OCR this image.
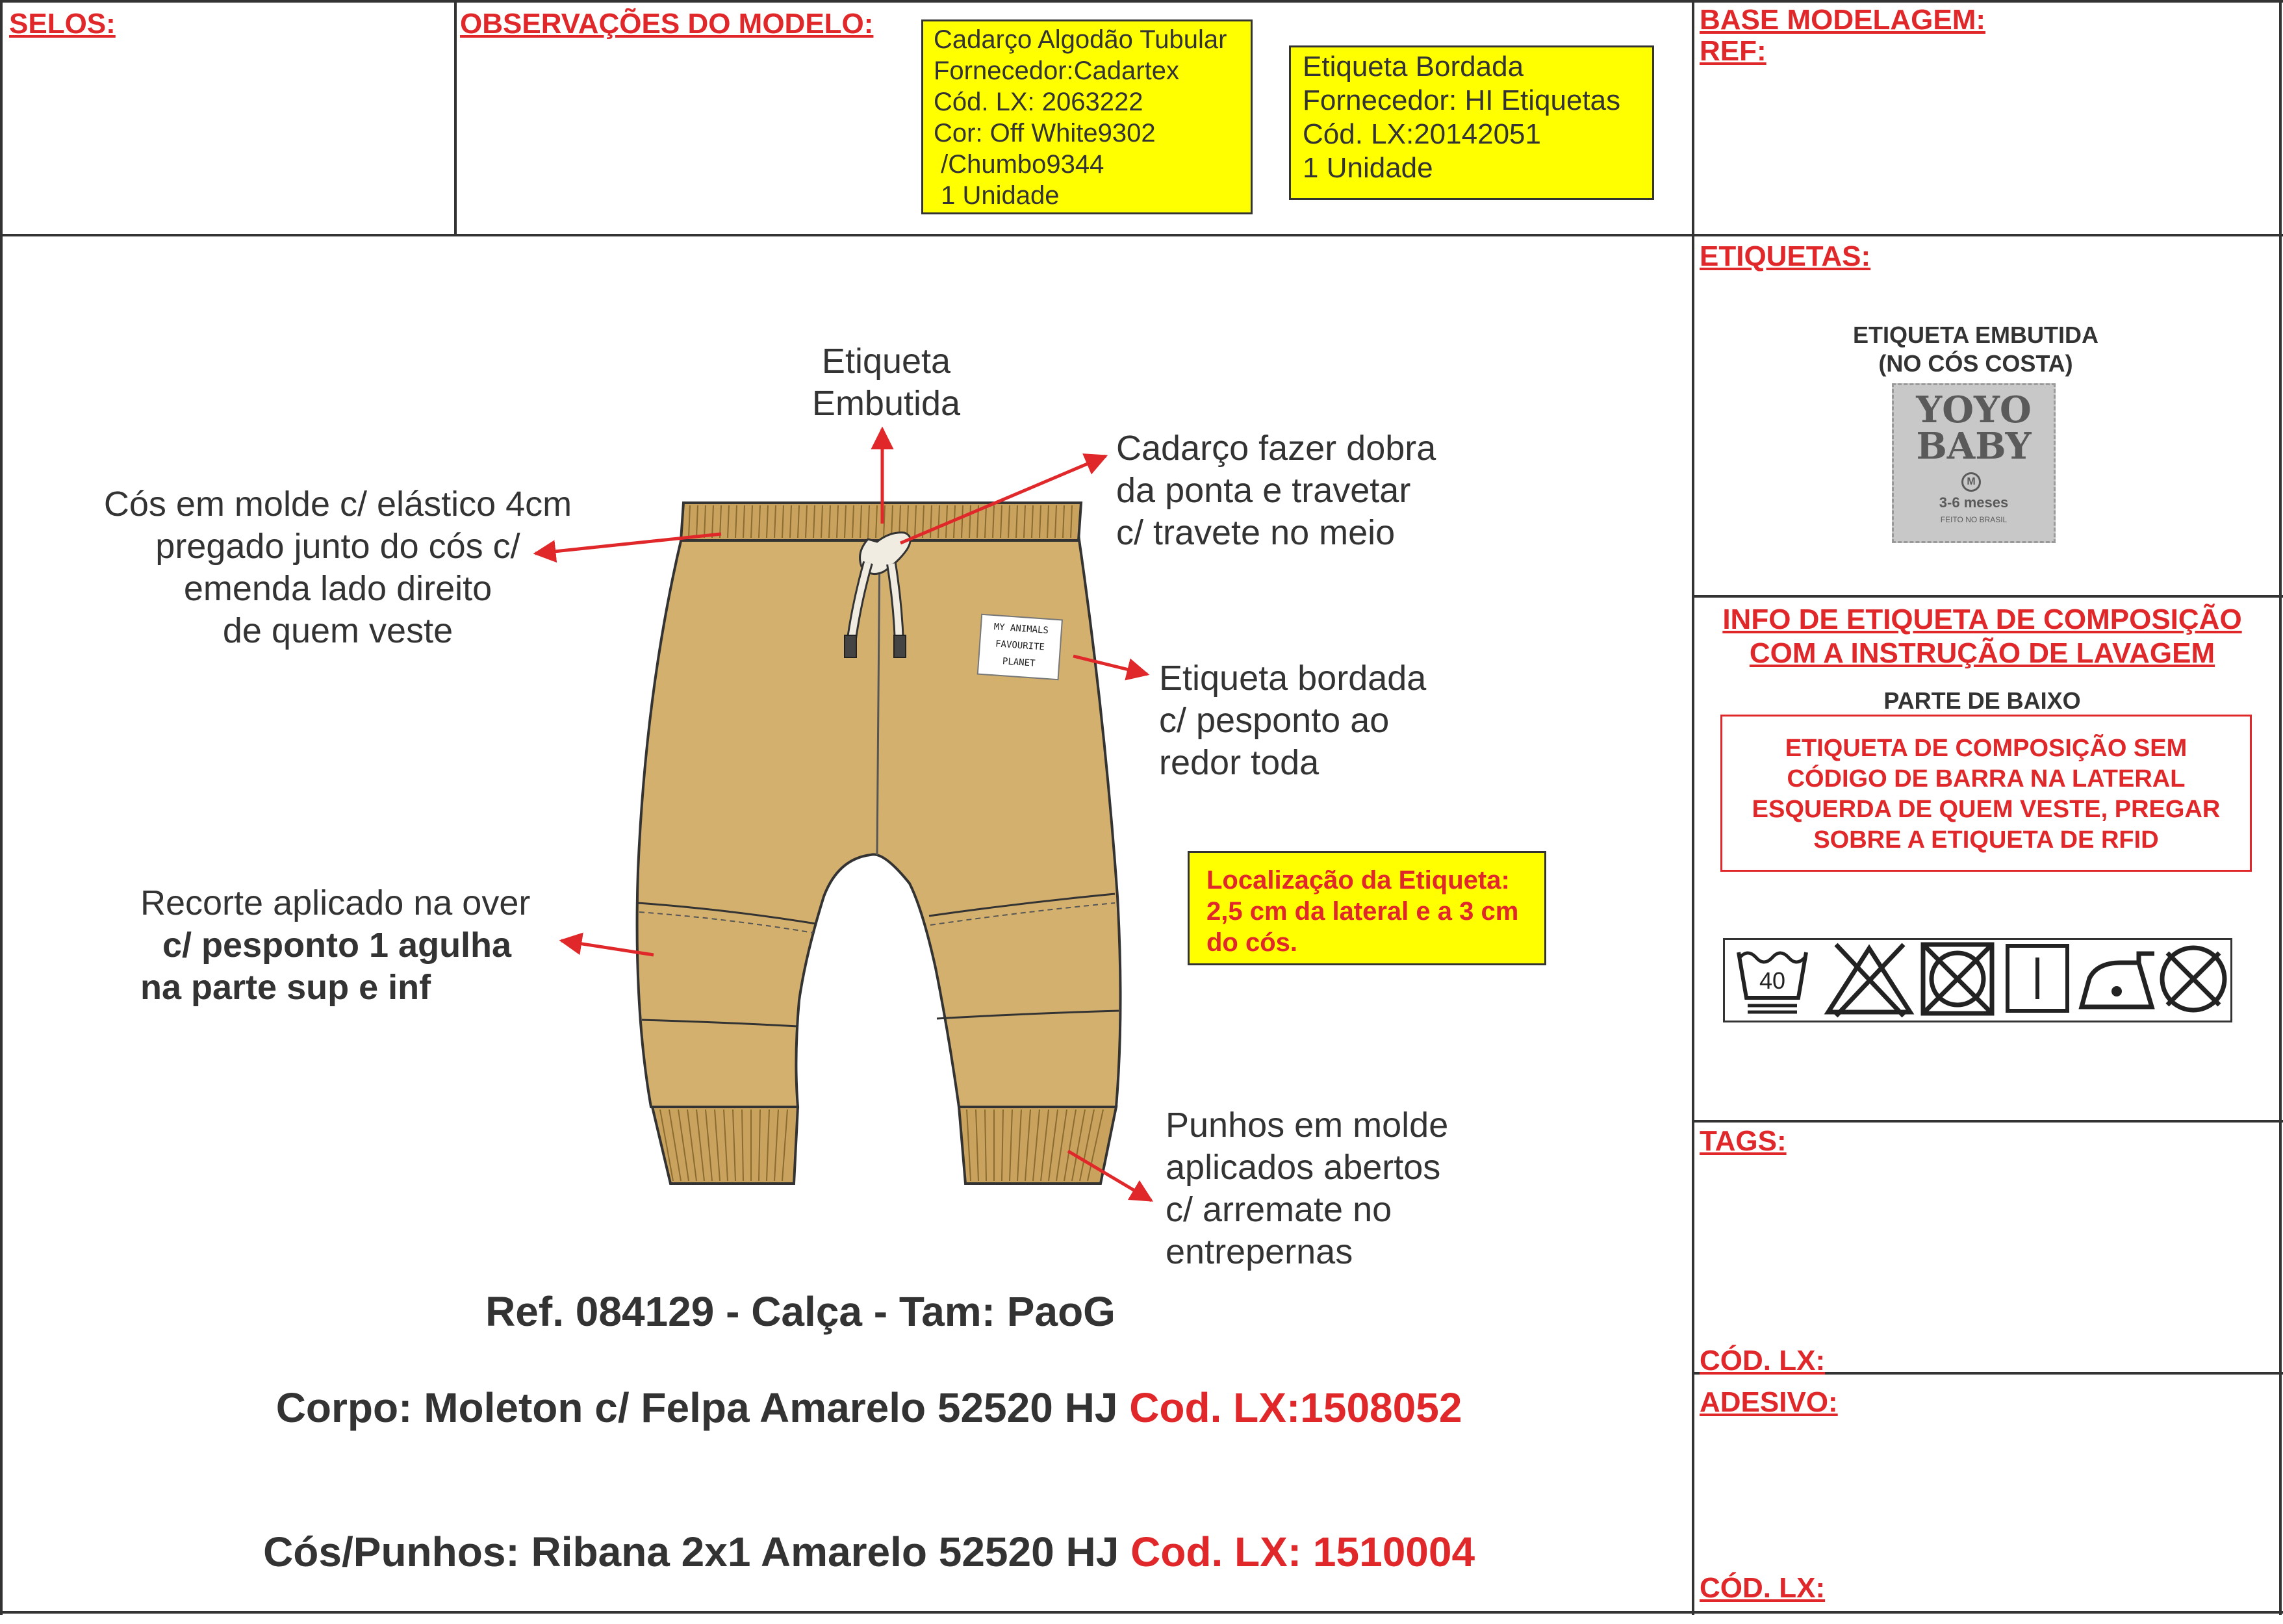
SELOS:	OBSERVAÇÕES DO MODELO: Cadarço Algodão Tubular
Fornecedor:Cadartex
Cód. LX: 2063222
Cor: Off White9302
/Chumbo9344
1 Unidade
Etiqueta Bordada
Fornecedor: HI Etiquetas
Cód. LX:20142051
1 Unidade
BASE MODELAGEM:
REF:
ETIQUETAS:
ETIQUETA EMBUTIDA
(NO CÓS COSTA)
YOYO
BABY
M
3-6 meses
FEITO NO BRASIL
INFO DE ETIQUETA DE COMPOSIÇÃO
COM A INSTRUÇÃO DE LAVAGEM
PARTE DE BAIXO
ETIQUETA DE COMPOSIÇÃO SEM
CÓDIGO DE BARRA NA LATERAL
ESQUERDA DE QUEM VESTE, PREGAR
SOBRE A ETIQUETA DE RFID
40
TAGS:
CÓD. LX:
ADESIVO:
CÓD. LX:
MY ANIMALS
FAVOURITE
PLANET
Etiqueta
Embutida
Cadarço fazer dobra
da ponta e travetar
c/ travete no meio
Cós em molde c/ elástico 4cm
pregado junto do cós c/
emenda lado direito
de quem veste
Etiqueta bordada
c/ pesponto ao
redor toda
Localização da Etiqueta:
2,5 cm da lateral e a 3 cm
do cós.
Recorte aplicado na over
c/ pesponto 1 agulha
na parte sup e inf
Punhos em molde
aplicados abertos
c/ arremate no
entrepernas
Ref. 084129 - Calça - Tam: PaoG

Corpo: Moleton c/ Felpa Amarelo 52520 HJ Cod. LX:1508052

Cós/Punhos: Ribana 2x1 Amarelo 52520 HJ Cod. LX: 1510004
